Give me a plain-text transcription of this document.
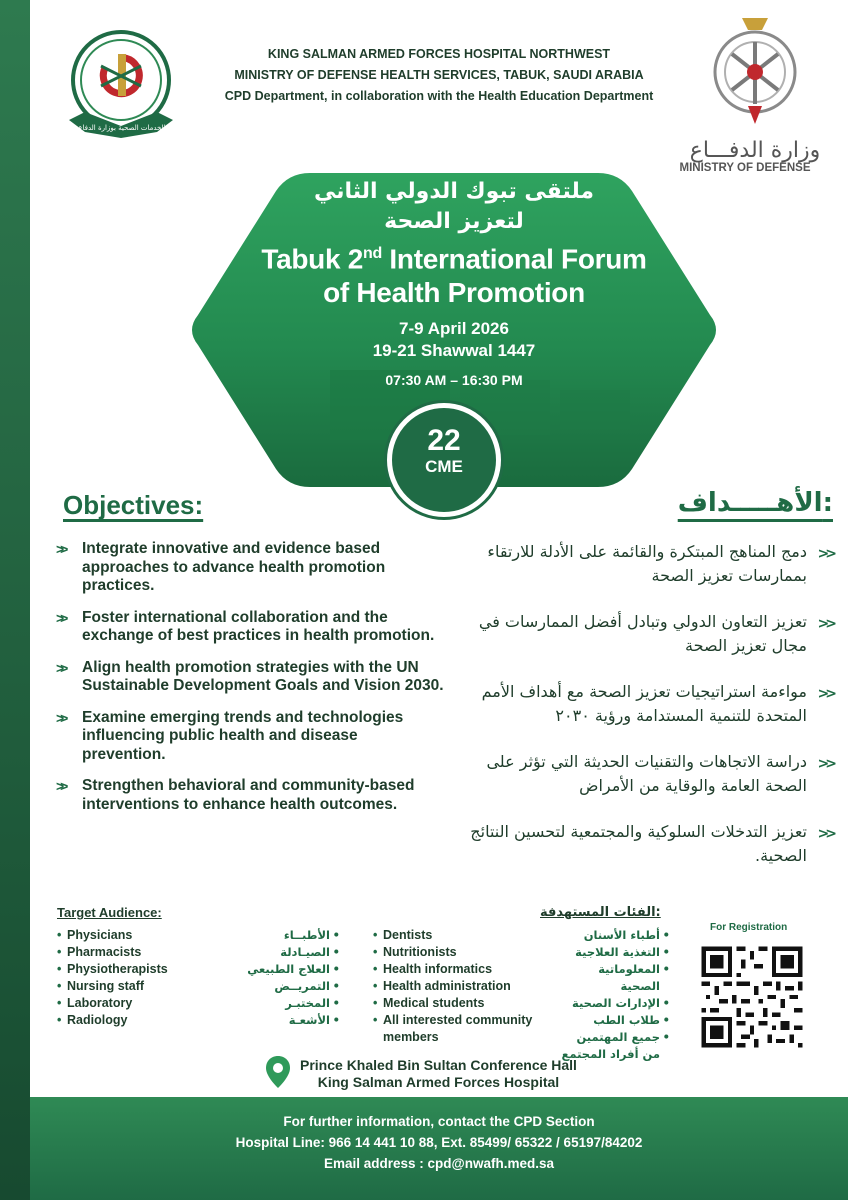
الخدمات الصحية بوزارة الدفاع
KING SALMAN ARMED FORCES HOSPITAL NORTHWEST
MINISTRY OF DEFENSE HEALTH SERVICES, TABUK, SAUDI ARABIA
CPD Department, in collaboration with the Health Education Department
وزارة الدفـــاع
MINISTRY OF DEFENSE
ملتقى تبوك الدولي الثاني
لتعزيز الصحة
Tabuk 2nd International Forum
of Health Promotion
7-9 April 2026
19-21 Shawwal 1447
07:30 AM – 16:30 PM
22
CME
Objectives:	الأهـــــداف:
>> Integrate innovative and evidence based approaches to advance health promotion practices.
>> Foster international collaboration and the exchange of best practices in health promotion.
>> Align health promotion strategies with the UN Sustainable Development Goals and Vision 2030.
>> Examine emerging trends and technologies influencing public health and disease prevention.
>> Strengthen behavioral and community-based interventions to enhance health outcomes.
<<
دمج المناهج المبتكرة والقائمة على الأدلة للارتقاء بممارسات تعزيز الصحة
<<
تعزيز التعاون الدولي وتبادل أفضل الممارسات في مجال تعزيز الصحة
<<
مواءمة استراتيجيات تعزيز الصحة مع أهداف الأمم المتحدة للتنمية المستدامة ورؤية ٢٠٣٠
<<
دراسة الاتجاهات والتقنيات الحديثة التي تؤثر على الصحة العامة والوقاية من الأمراض
<<
تعزيز التدخلات السلوكية والمجتمعية لتحسين النتائج الصحية.
Target Audience:	الفئات المستهدفة:
• Physicians
• Pharmacists
• Physiotherapists
• Nursing staff
• Laboratory
• Radiology
• الأطبــاء
• الصيـادلة
• العلاج الطبيعي
• التمريــض
• المختبـر
• الأشعـة
• Dentists
• Nutritionists
• Health informatics
• Health administration
• Medical students
• All interested community members
• أطباء الأسنان
• التغذية العلاجية
• المعلوماتية الصحية
• الإدارات الصحية
• طلاب الطب
• جميع المهتمين من أفراد المجتمع
For Registration
Prince Khaled Bin Sultan Conference Hall
King Salman Armed Forces Hospital
For further information, contact the CPD Section
Hospital Line: 966 14 441 10 88, Ext. 85499/ 65322 / 65197/84202
Email address : cpd@nwafh.med.sa
